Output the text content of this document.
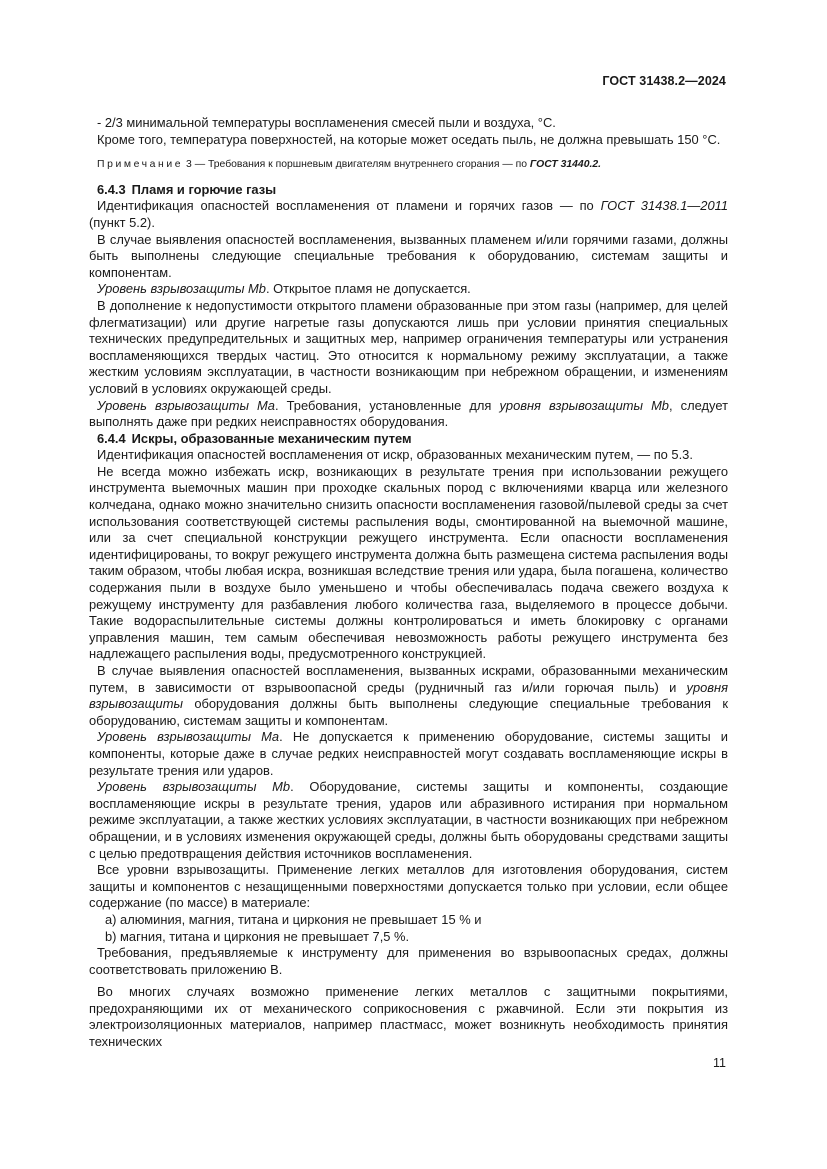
ГОСТ 31438.2—2024

- 2/3 минимальной температуры воспламенения смесей пыли и воздуха, °C.

Кроме того, температура поверхностей, на которые может оседать пыль, не должна превышать 150 °C.

Примечание 3 — Требования к поршневым двигателям внутреннего сгорания — по ГОСТ 31440.2.

6.4.3 Пламя и горючие газы

Идентификация опасностей воспламенения от пламени и горячих газов — по ГОСТ 31438.1—2011 (пункт 5.2).

В случае выявления опасностей воспламенения, вызванных пламенем и/или горячими газами, должны быть выполнены следующие специальные требования к оборудованию, системам защиты и компонентам.

Уровень взрывозащиты Mb. Открытое пламя не допускается.

В дополнение к недопустимости открытого пламени образованные при этом газы (например, для целей флегматизации) или другие нагретые газы допускаются лишь при условии принятия специальных технических предупредительных и защитных мер, например ограничения температуры или устранения воспламеняющихся твердых частиц. Это относится к нормальному режиму эксплуатации, а также жестким условиям эксплуатации, в частности возникающим при небрежном обращении, и изменениям условий в условиях окружающей среды.

Уровень взрывозащиты Ma. Требования, установленные для уровня взрывозащиты Mb, следует выполнять даже при редких неисправностях оборудования.

6.4.4 Искры, образованные механическим путем

Идентификация опасностей воспламенения от искр, образованных механическим путем, — по 5.3.

Не всегда можно избежать искр, возникающих в результате трения при использовании режущего инструмента выемочных машин при проходке скальных пород с включениями кварца или железного колчедана, однако можно значительно снизить опасности воспламенения газовой/пылевой среды за счет использования соответствующей системы распыления воды, смонтированной на выемочной машине, или за счет специальной конструкции режущего инструмента. Если опасности воспламенения идентифицированы, то вокруг режущего инструмента должна быть размещена система распыления воды таким образом, чтобы любая искра, возникшая вследствие трения или удара, была погашена, количество содержания пыли в воздухе было уменьшено и чтобы обеспечивалась подача свежего воздуха к режущему инструменту для разбавления любого количества газа, выделяемого в процессе добычи. Такие водораспылительные системы должны контролироваться и иметь блокировку с органами управления машин, тем самым обеспечивая невозможность работы режущего инструмента без надлежащего распыления воды, предусмотренного конструкцией.

В случае выявления опасностей воспламенения, вызванных искрами, образованными механическим путем, в зависимости от взрывоопасной среды (рудничный газ и/или горючая пыль) и уровня взрывозащиты оборудования должны быть выполнены следующие специальные требования к оборудованию, системам защиты и компонентам.

Уровень взрывозащиты Ma. Не допускается к применению оборудование, системы защиты и компоненты, которые даже в случае редких неисправностей могут создавать воспламеняющие искры в результате трения или ударов.

Уровень взрывозащиты Mb. Оборудование, системы защиты и компоненты, создающие воспламеняющие искры в результате трения, ударов или абразивного истирания при нормальном режиме эксплуатации, а также жестких условиях эксплуатации, в частности возникающих при небрежном обращении, и в условиях изменения окружающей среды, должны быть оборудованы средствами защиты с целью предотвращения действия источников воспламенения.

Все уровни взрывозащиты. Применение легких металлов для изготовления оборудования, систем защиты и компонентов с незащищенными поверхностями допускается только при условии, если общее содержание (по массе) в материале:

a) алюминия, магния, титана и циркония не превышает 15 % и

b) магния, титана и циркония не превышает 7,5 %.

Требования, предъявляемые к инструменту для применения во взрывоопасных средах, должны соответствовать приложению В.

Во многих случаях возможно применение легких металлов с защитными покрытиями, предохраняющими их от механического соприкосновения с ржавчиной. Если эти покрытия из электроизоляционных материалов, например пластмасс, может возникнуть необходимость принятия технических

11
